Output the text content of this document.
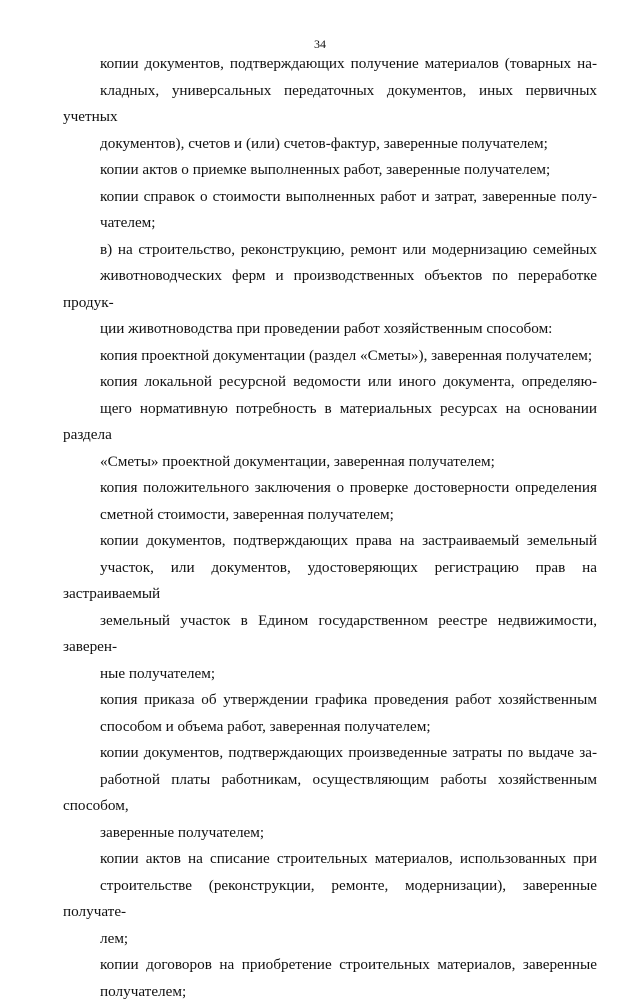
34

копии документов, подтверждающих получение материалов (товарных на-
кладных, универсальных передаточных документов, иных первичных учетных
документов), счетов и (или) счетов-фактур, заверенные получателем;

копии актов о приемке выполненных работ, заверенные получателем;

копии справок о стоимости выполненных работ и затрат, заверенные полу-
чателем;

в) на строительство, реконструкцию, ремонт или модернизацию семейных
животноводческих ферм и производственных объектов по переработке продук-
ции животноводства при проведении работ хозяйственным способом:

копия проектной документации (раздел «Сметы»), заверенная получателем;

копия локальной ресурсной ведомости или иного документа, определяю-
щего нормативную потребность в материальных ресурсах на основании раздела
«Сметы» проектной документации, заверенная получателем;

копия положительного заключения о проверке достоверности определения
сметной стоимости, заверенная получателем;

копии документов, подтверждающих права на застраиваемый земельный
участок, или документов, удостоверяющих регистрацию прав на застраиваемый
земельный участок в Едином государственном реестре недвижимости, заверен-
ные получателем;

копия приказа об утверждении графика проведения работ хозяйственным
способом и объема работ, заверенная получателем;

копии документов, подтверждающих произведенные затраты по выдаче за-
работной платы работникам, осуществляющим работы хозяйственным способом,
заверенные получателем;

копии актов на списание строительных материалов, использованных при
строительстве (реконструкции, ремонте, модернизации), заверенные получате-
лем;

копии договоров на приобретение строительных материалов, заверенные
получателем;
